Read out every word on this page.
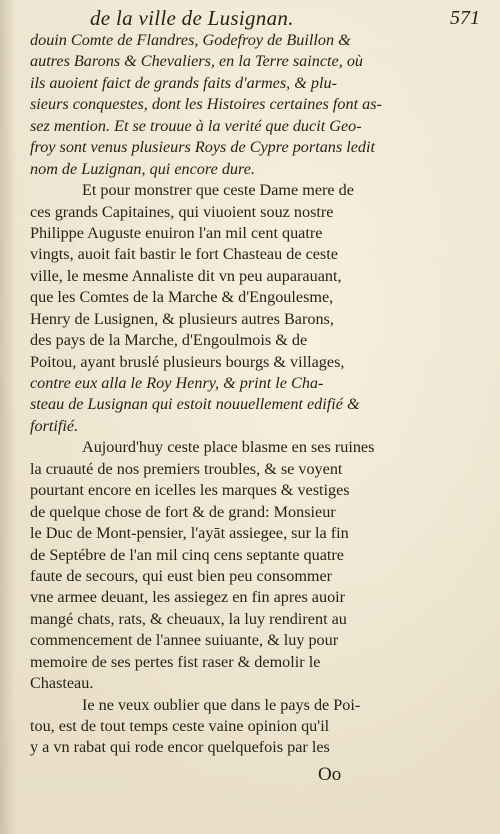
de la ville de Lusignan.	571
douin Comte de Flandres, Godefroy de Buillon &
autres Barons & Chevaliers, en la Terre saincte, où
ils auoient faict de grands faits d'armes, & plu-
sieurs conquestes, dont les Histoires certaines font as-
sez mention. Et se trouue à la verité que ducit Geo-
froy sont venus plusieurs Roys de Cypre portans ledit
nom de Luzignan, qui encore dure.
Et pour monstrer que ceste Dame mere de
ces grands Capitaines, qui viuoient souz nostre
Philippe Auguste enuiron l'an mil cent quatre
vingts, auoit fait bastir le fort Chasteau de ceste
ville, le mesme Annaliste dit vn peu auparauant,
que les Comtes de la Marche & d'Engoulesme,
Henry de Lusignen, & plusieurs autres Barons,
des pays de la Marche, d'Engoulmois & de
Poitou, ayant bruslé plusieurs bourgs & villages,
contre eux alla le Roy Henry, & print le Cha-
steau de Lusignan qui estoit nouuellement edifié &
fortifié.
Aujourd'huy ceste place blasme en ses ruines
la cruauté de nos premiers troubles, & se voyent
pourtant encore en icelles les marques & vestiges
de quelque chose de fort & de grand: Monsieur
le Duc de Mont-pensier, l'ayāt assiegee, sur la fin
de Septébre de l'an mil cinq cens septante quatre
faute de secours, qui eust bien peu consommer
vne armee deuant, les assiegez en fin apres auoir
mangé chats, rats, & cheuaux, la luy rendirent au
commencement de l'annee suiuante, & luy pour
memoire de ses pertes fist raser & demolir le
Chasteau.
Ie ne veux oublier que dans le pays de Poi-
tou, est de tout temps ceste vaine opinion qu'il
y a vn rabat qui rode encor quelquefois par les
Oo
